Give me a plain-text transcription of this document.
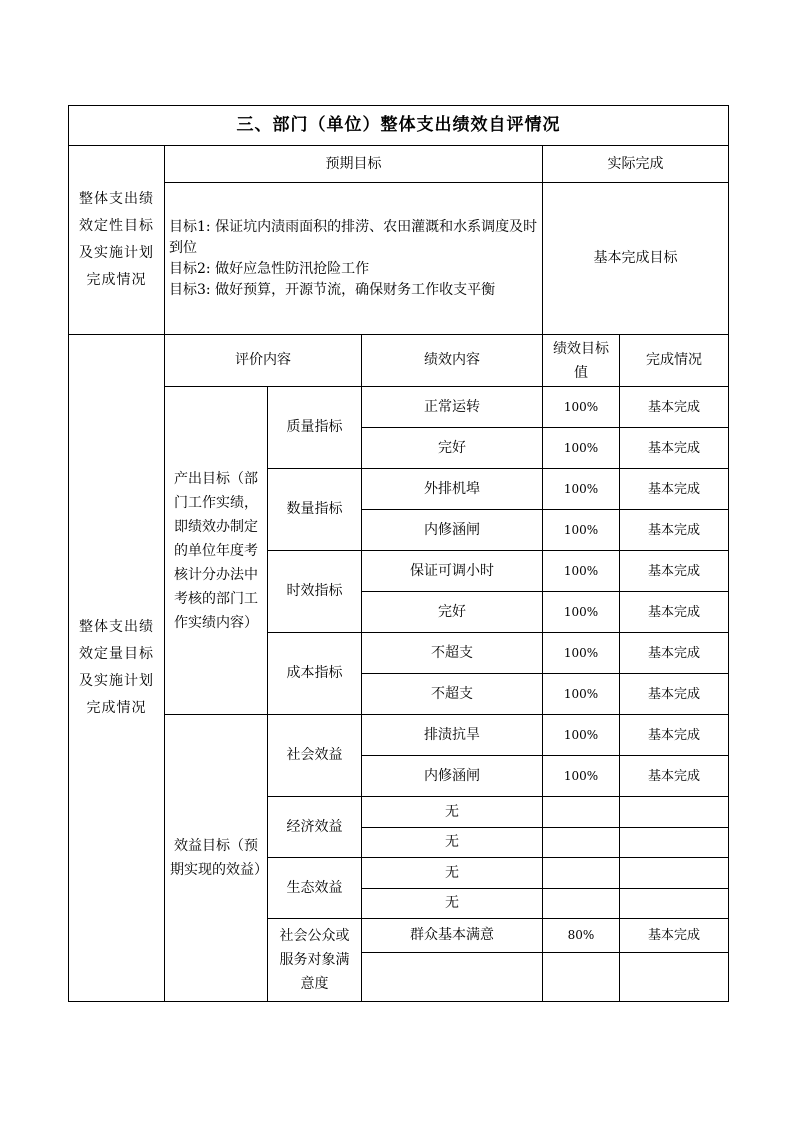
三、部门（单位）整体支出绩效自评情况					

整体支出绩效定性目标及实施计划完成情况	预期目标			实际完成	

	目标1: 保证坑内渍雨面积的排涝、农田灌溉和水系调度及时到位
目标2: 做好应急性防汛抢险工作
目标3: 做好预算，开源节流，确保财务工作收支平衡			基本完成目标	

整体支出绩效定量目标及实施计划完成情况	评价内容		绩效内容	绩效目标值	完成情况

	产出目标（部门工作实绩，即绩效办制定的单位年度考核计分办法中考核的部门工作实绩内容）	质量指标	正常运转	100%	基本完成
			完好	100%	基本完成
		数量指标	外排机埠	100%	基本完成
			内修涵闸	100%	基本完成
		时效指标	保证可调小时	100%	基本完成
			完好	100%	基本完成
		成本指标	不超支	100%	基本完成
			不超支	100%	基本完成

	效益目标（预期实现的效益）	社会效益	排渍抗旱	100%	基本完成
			内修涵闸	100%	基本完成
		经济效益	无		
			无		
		生态效益	无		
			无		

		社会公众或服务对象满意度	群众基本满意	80%	基本完成
